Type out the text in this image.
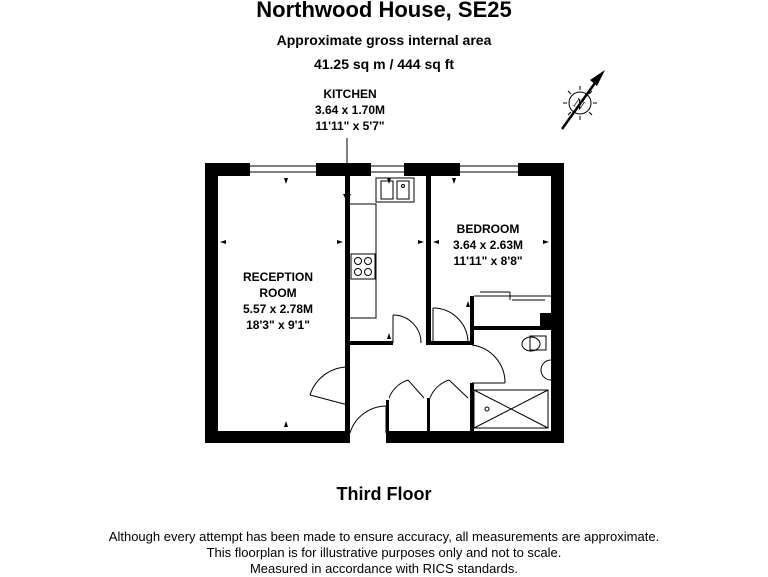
Northwood House, SE25
Approximate gross internal area
41.25 sq m / 444 sq ft
N
KITCHEN
3.64 x 1.70M
11'11" x 5'7"
RECEPTION
ROOM
5.57 x 2.78M
18'3" x 9'1"
BEDROOM
3.64 x 2.63M
11'11" x 8'8"
Third Floor
Although every attempt has been made to ensure accuracy, all measurements are approximate.
This floorplan is for illustrative purposes only and not to scale.
Measured in accordance with RICS standards.
